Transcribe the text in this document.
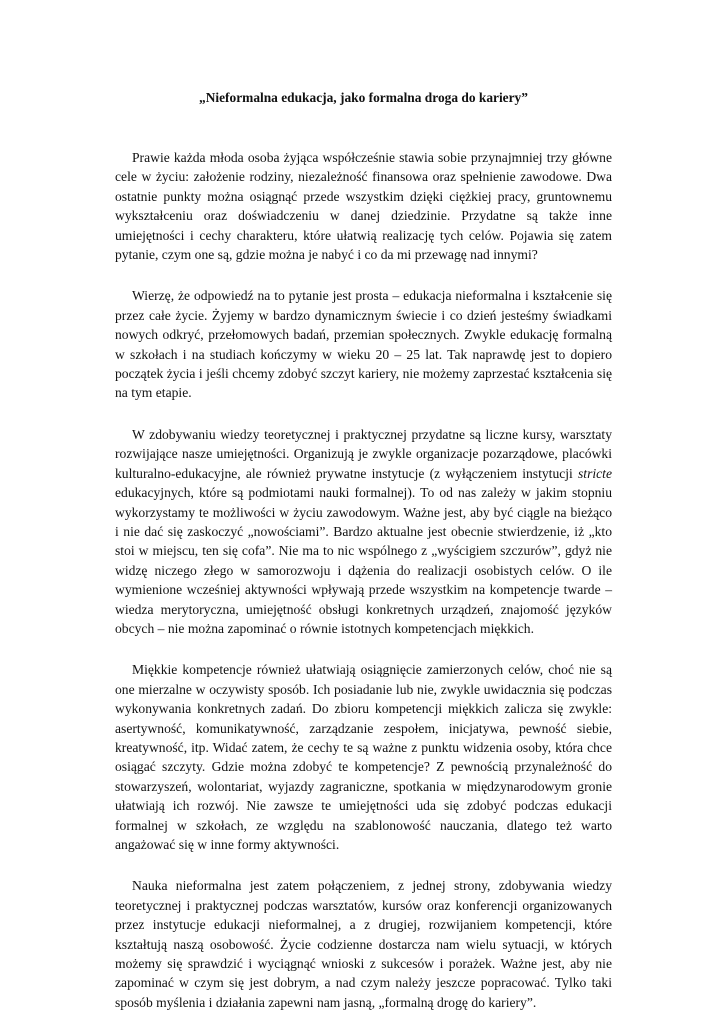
„Nieformalna edukacja, jako formalna droga do kariery”

Prawie każda młoda osoba żyjąca współcześnie stawia sobie przynajmniej trzy główne cele w życiu: założenie rodziny, niezależność finansowa oraz spełnienie zawodowe. Dwa ostatnie punkty można osiągnąć przede wszystkim dzięki ciężkiej pracy, gruntownemu wykształceniu oraz doświadczeniu w danej dziedzinie. Przydatne są także inne umiejętności i cechy charakteru, które ułatwią realizację tych celów. Pojawia się zatem pytanie, czym one są, gdzie można je nabyć i co da mi przewagę nad innymi?

Wierzę, że odpowiedź na to pytanie jest prosta – edukacja nieformalna i kształcenie się przez całe życie. Żyjemy w bardzo dynamicznym świecie i co dzień jesteśmy świadkami nowych odkryć, przełomowych badań, przemian społecznych. Zwykle edukację formalną w szkołach i na studiach kończymy w wieku 20 – 25 lat. Tak naprawdę jest to dopiero początek życia i jeśli chcemy zdobyć szczyt kariery, nie możemy zaprzestać kształcenia się na tym etapie.

W zdobywaniu wiedzy teoretycznej i praktycznej przydatne są liczne kursy, warsztaty rozwijające nasze umiejętności. Organizują je zwykle organizacje pozarządowe, placówki kulturalno-edukacyjne, ale również prywatne instytucje (z wyłączeniem instytucji stricte edukacyjnych, które są podmiotami nauki formalnej). To od nas zależy w jakim stopniu wykorzystamy te możliwości w życiu zawodowym. Ważne jest, aby być ciągle na bieżąco i nie dać się zaskoczyć „nowościami”. Bardzo aktualne jest obecnie stwierdzenie, iż „kto stoi w miejscu, ten się cofa”. Nie ma to nic wspólnego z „wyścigiem szczurów”, gdyż nie widzę niczego złego w samorozwoju i dążenia do realizacji osobistych celów. O ile wymienione wcześniej aktywności wpływają przede wszystkim na kompetencje twarde – wiedza merytoryczna, umiejętność obsługi konkretnych urządzeń, znajomość języków obcych – nie można zapominać o równie istotnych kompetencjach miękkich.

Miękkie kompetencje również ułatwiają osiągnięcie zamierzonych celów, choć nie są one mierzalne w oczywisty sposób. Ich posiadanie lub nie, zwykle uwidacznia się podczas wykonywania konkretnych zadań. Do zbioru kompetencji miękkich zalicza się zwykle: asertywność, komunikatywność, zarządzanie zespołem, inicjatywa, pewność siebie, kreatywność, itp. Widać zatem, że cechy te są ważne z punktu widzenia osoby, która chce osiągać szczyty. Gdzie można zdobyć te kompetencje? Z pewnością przynależność do stowarzyszeń, wolontariat, wyjazdy zagraniczne, spotkania w międzynarodowym gronie ułatwiają ich rozwój. Nie zawsze te umiejętności uda się zdobyć podczas edukacji formalnej w szkołach, ze względu na szablonowość nauczania, dlatego też warto angażować się w inne formy aktywności.

Nauka nieformalna jest zatem połączeniem, z jednej strony, zdobywania wiedzy teoretycznej i praktycznej podczas warsztatów, kursów oraz konferencji organizowanych przez instytucje edukacji nieformalnej, a z drugiej, rozwijaniem kompetencji, które kształtują naszą osobowość. Życie codzienne dostarcza nam wielu sytuacji, w których możemy się sprawdzić i wyciągnąć wnioski z sukcesów i porażek. Ważne jest, aby nie zapominać w czym się jest dobrym, a nad czym należy jeszcze popracować. Tylko taki sposób myślenia i działania zapewni nam jasną, „formalną drogę do kariery”.
